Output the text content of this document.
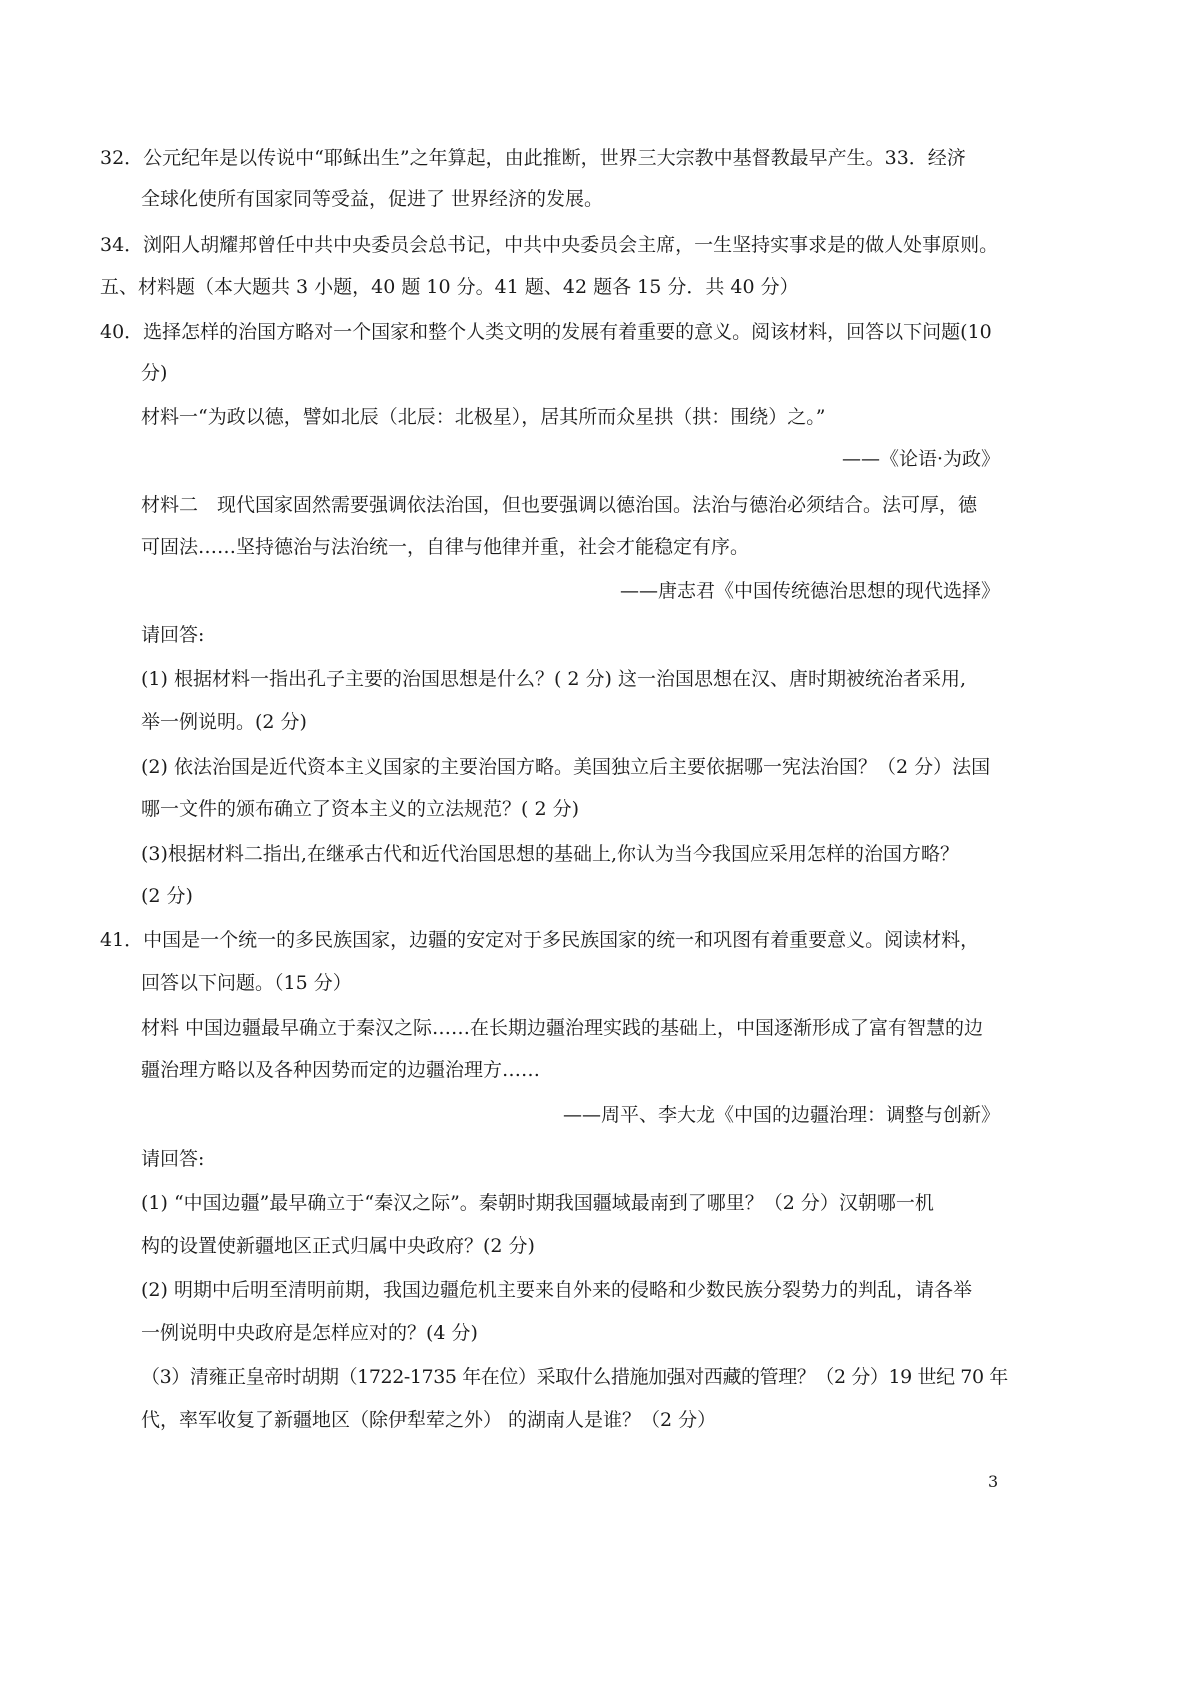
32．公元纪年是以传说中“耶稣出生”之年算起，由此推断，世界三大宗教中基督教最早产生。33．经济
全球化使所有国家同等受益，促进了 世界经济的发展。
34．浏阳人胡耀邦曾任中共中央委员会总书记，中共中央委员会主席，一生坚持实事求是的做人处事原则。
五、材料题（本大题共 3 小题，40 题 10 分。41 题、42 题各 15 分．共 40 分）
40．选择怎样的治国方略对一个国家和整个人类文明的发展有着重要的意义。阅该材料，回答以下问题(10
分)
材料一“为政以德，譬如北辰（北辰：北极星），居其所而众星拱（拱：围绕）之。”
——《论语·为政》
材料二　现代国家固然需要强调依法治国，但也要强调以德治国。法治与德治必须结合。法可厚，德
可固法……坚持德治与法治统一，自律与他律并重，社会才能稳定有序。
——唐志君《中国传统德治思想的现代选择》
请回答:
(1) 根据材料一指出孔子主要的治国思想是什么？( 2 分) 这一治国思想在汉、唐时期被统治者采用,
举一例说明。(2 分)
(2) 依法治国是近代资本主义国家的主要治国方略。美国独立后主要依据哪一宪法治国？（2 分）法国
哪一文件的颁布确立了资本主义的立法规范？( 2 分)
(3)根据材料二指出,在继承古代和近代治国思想的基础上,你认为当今我国应采用怎样的治国方略？
(2 分)
41．中国是一个统一的多民族国家，边疆的安定对于多民族国家的统一和巩图有着重要意义。阅读材料，
回答以下问题。（15 分）
材料 中国边疆最早确立于秦汉之际……在长期边疆治理实践的基础上，中国逐渐形成了富有智慧的边
疆治理方略以及各种因势而定的边疆治理方……
——周平、李大龙《中国的边疆治理：调整与创新》
请回答:
(1) “中国边疆”最早确立于“秦汉之际”。秦朝时期我国疆域最南到了哪里？（2 分）汉朝哪一机
构的设置使新疆地区正式归属中央政府？(2 分)
(2) 明期中后明至清明前期，我国边疆危机主要来自外来的侵略和少数民族分裂势力的判乱，请各举
一例说明中央政府是怎样应对的？(4 分)
（3）清雍正皇帝时胡期（1722-1735 年在位）采取什么措施加强对西藏的管理？（2 分）19 世纪 70 年
代，率军收复了新疆地区（除伊犁荤之外） 的湖南人是谁？（2 分）
3
